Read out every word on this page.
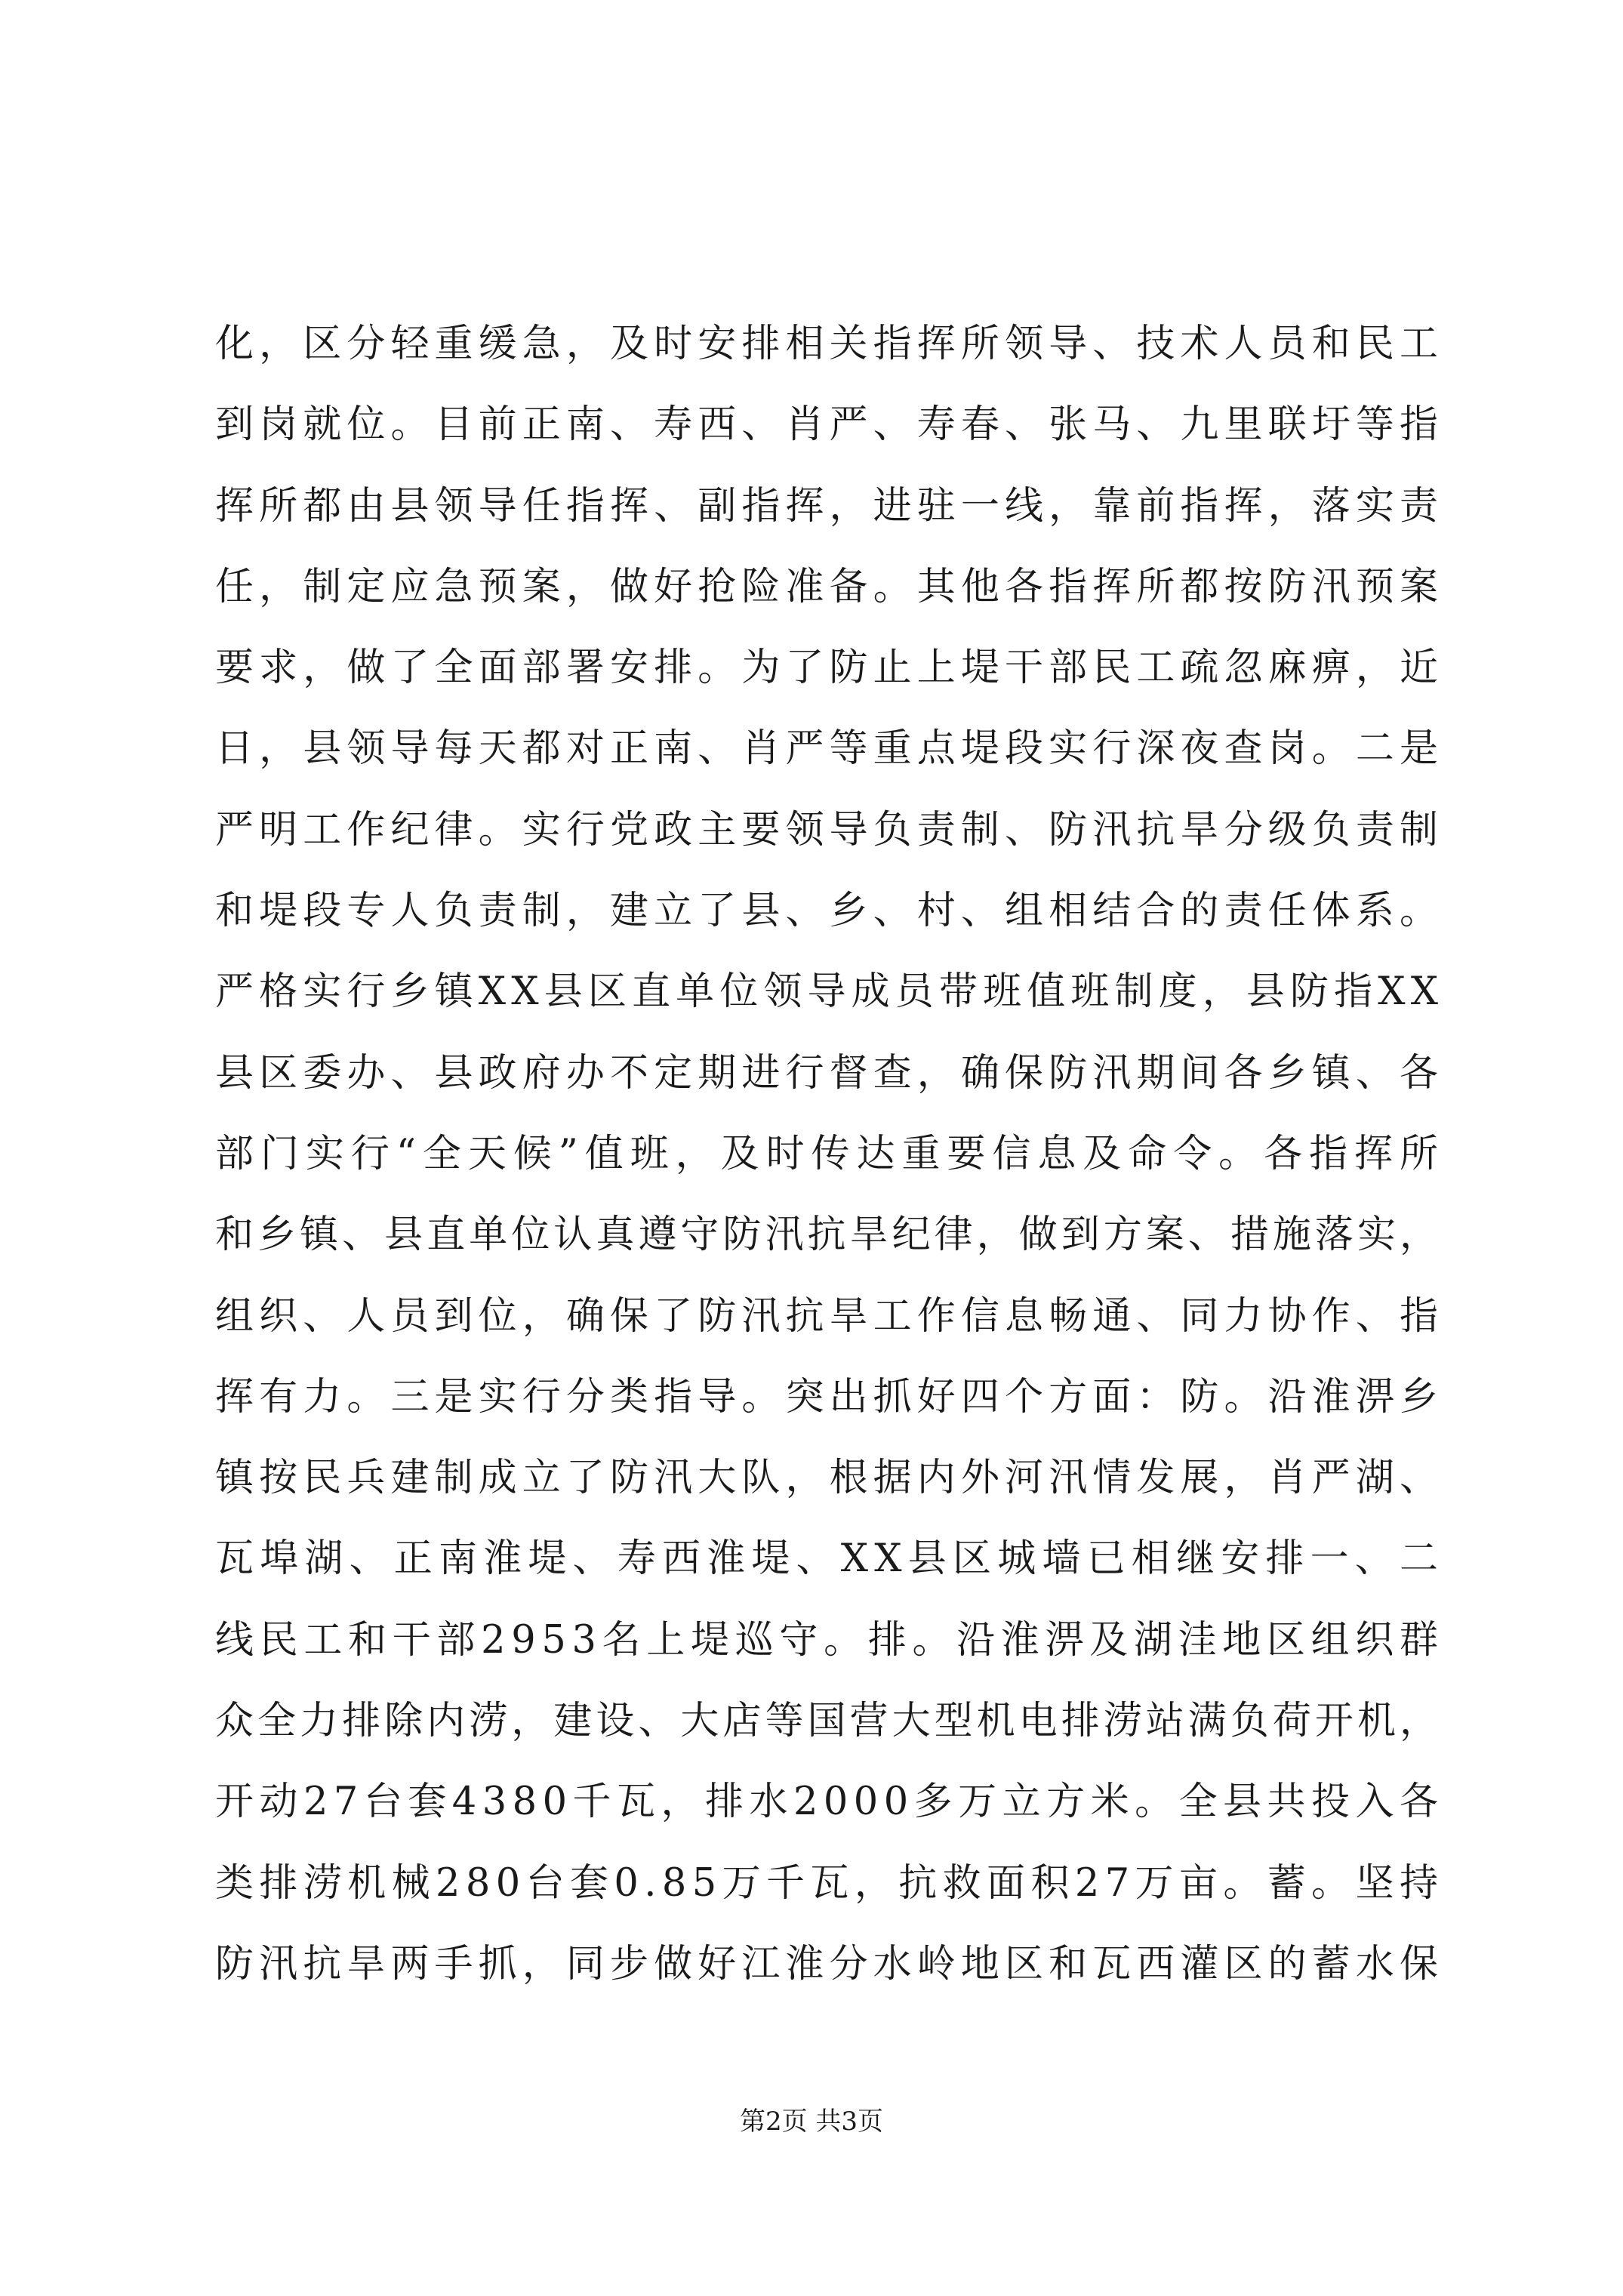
化，区分轻重缓急，及时安排相关指挥所领导、技术人员和民工
到岗就位。目前正南、寿西、肖严、寿春、张马、九里联圩等指
挥所都由县领导任指挥、副指挥，进驻一线，靠前指挥，落实责
任，制定应急预案，做好抢险准备。其他各指挥所都按防汛预案
要求，做了全面部署安排。为了防止上堤干部民工疏忽麻痹，近
日，县领导每天都对正南、肖严等重点堤段实行深夜查岗。二是
严明工作纪律。实行党政主要领导负责制、防汛抗旱分级负责制
和堤段专人负责制，建立了县、乡、村、组相结合的责任体系。
严格实行乡镇XX县区直单位领导成员带班值班制度，县防指XX
县区委办、县政府办不定期进行督查，确保防汛期间各乡镇、各
部门实行“全天候”值班，及时传达重要信息及命令。各指挥所
和乡镇、县直单位认真遵守防汛抗旱纪律，做到方案、措施落实，
组织、人员到位，确保了防汛抗旱工作信息畅通、同力协作、指
挥有力。三是实行分类指导。突出抓好四个方面：防。沿淮淠乡
镇按民兵建制成立了防汛大队，根据内外河汛情发展，肖严湖、
瓦埠湖、正南淮堤、寿西淮堤、XX县区城墙已相继安排一、二
线民工和干部2953名上堤巡守。排。沿淮淠及湖洼地区组织群
众全力排除内涝，建设、大店等国营大型机电排涝站满负荷开机，
开动27台套4380千瓦，排水2000多万立方米。全县共投入各
类排涝机械280台套0.85万千瓦，抗救面积27万亩。蓄。坚持
防汛抗旱两手抓，同步做好江淮分水岭地区和瓦西灌区的蓄水保
第2页 共3页
